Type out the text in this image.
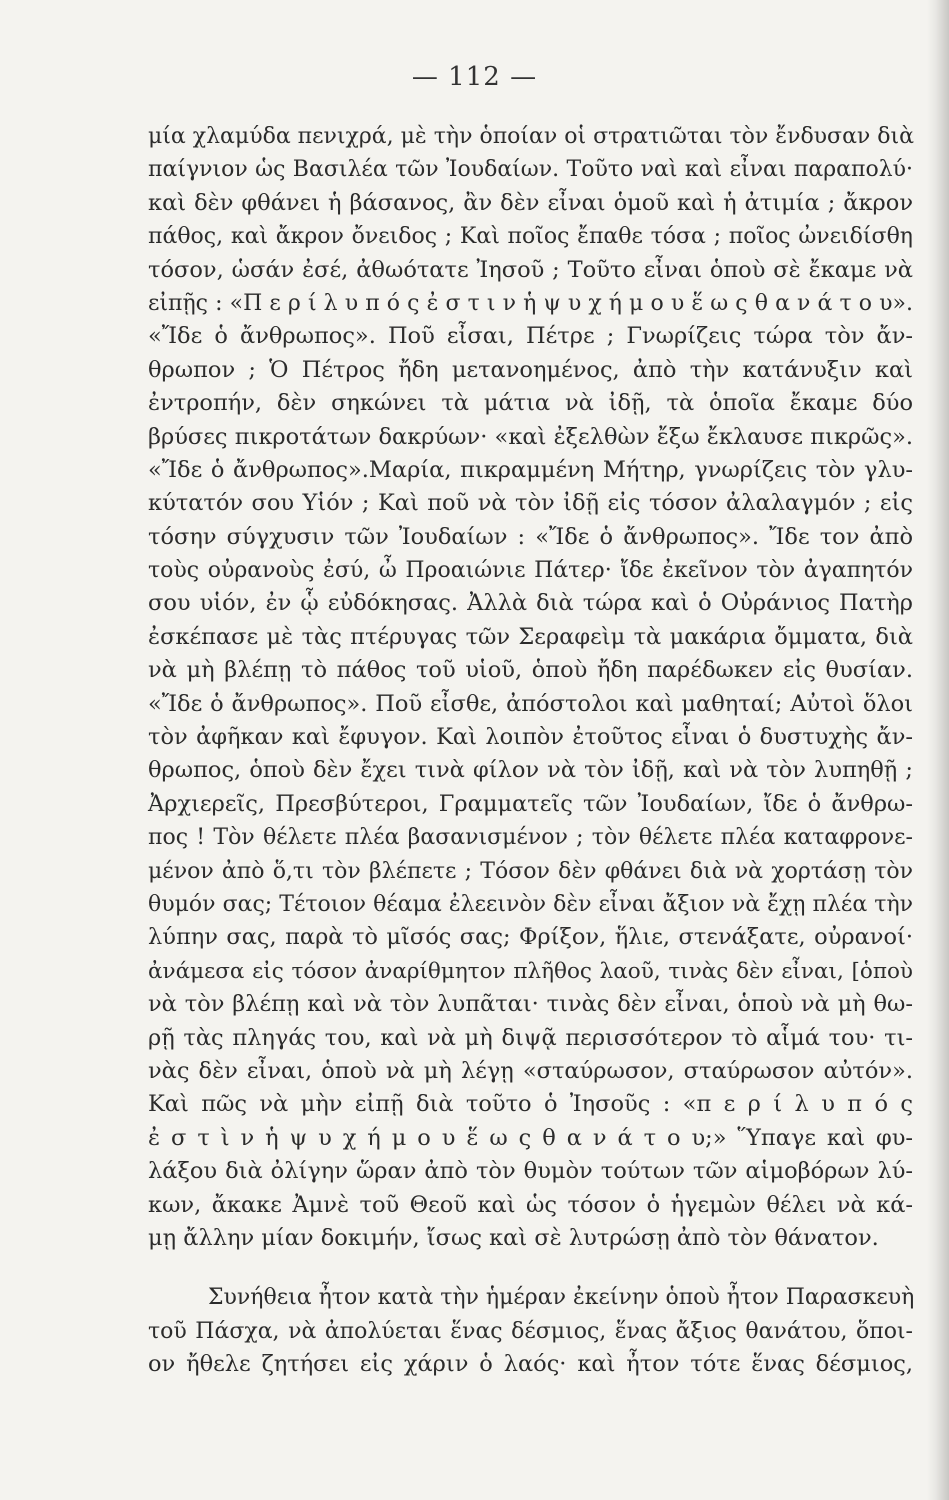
— 112 —
μία χλαμύδα πενιχρά, μὲ τὴν ὁποίαν οἱ στρατιῶται τὸν ἔνδυσαν διὰ
παίγνιον ὡς Βασιλέα τῶν Ἰουδαίων. Τοῦτο ναὶ καὶ εἶναι παραπολύ·
καὶ δὲν φθάνει ἡ βάσανος, ἂν δὲν εἶναι ὁμοῦ καὶ ἡ ἀτιμία ; ἄκρον
πάθος, καὶ ἄκρον ὄνειδος ; Καὶ ποῖος ἔπαθε τόσα ; ποῖος ὠνειδίσθη
τόσον, ὡσάν ἐσέ, ἀθωότατε Ἰησοῦ ; Τοῦτο εἶναι ὁποὺ σὲ ἔκαμε νὰ
εἰπῇς : «Π ε ρ ί λ υ π ό ς ἐ σ τ ι ν ἡ ψ υ χ ή μ ο υ ἕ ω ς θ α ν ά τ ο υ».
«Ἴδε ὁ ἄνθρωπος». Ποῦ εἶσαι, Πέτρε ; Γνωρίζεις τώρα τὸν ἄν-
θρωπον ; Ὁ Πέτρος ἤδη μετανοημένος, ἀπὸ τὴν κατάνυξιν καὶ
ἐντροπήν, δὲν σηκώνει τὰ μάτια νὰ ἰδῇ, τὰ ὁποῖα ἔκαμε δύο
βρύσες πικροτάτων δακρύων· «καὶ ἐξελθὼν ἔξω ἔκλαυσε πικρῶς».
«Ἴδε ὁ ἄνθρωπος».Μαρία, πικραμμένη Μήτηρ, γνωρίζεις τὸν γλυ-
κύτατόν σου Υἱόν ; Καὶ ποῦ νὰ τὸν ἰδῇ εἰς τόσον ἀλαλαγμόν ; εἰς
τόσην σύγχυσιν τῶν Ἰουδαίων : «Ἴδε ὁ ἄνθρωπος». Ἴδε τον ἀπὸ
τοὺς οὐρανοὺς ἐσύ, ὦ Προαιώνιε Πάτερ· ἴδε ἐκεῖνον τὸν ἀγαπητόν
σου υἱόν, ἐν ᾧ εὐδόκησας. Ἀλλὰ διὰ τώρα καὶ ὁ Οὐράνιος Πατὴρ
ἐσκέπασε μὲ τὰς πτέρυγας τῶν Σεραφεὶμ τὰ μακάρια ὄμματα, διὰ
νὰ μὴ βλέπῃ τὸ πάθος τοῦ υἱοῦ, ὁποὺ ἤδη παρέδωκεν εἰς θυσίαν.
«Ἴδε ὁ ἄνθρωπος». Ποῦ εἶσθε, ἀπόστολοι καὶ μαθηταί; Αὐτοὶ ὅλοι
τὸν ἀφῆκαν καὶ ἔφυγον. Καὶ λοιπὸν ἐτοῦτος εἶναι ὁ δυστυχὴς ἄν-
θρωπος, ὁποὺ δὲν ἔχει τινὰ φίλον νὰ τὸν ἰδῇ, καὶ νὰ τὸν λυπηθῇ ;
Ἀρχιερεῖς, Πρεσβύτεροι, Γραμματεῖς τῶν Ἰουδαίων, ἴδε ὁ ἄνθρω-
πος ! Τὸν θέλετε πλέα βασανισμένον ; τὸν θέλετε πλέα καταφρονε-
μένον ἀπὸ ὅ,τι τὸν βλέπετε ; Τόσον δὲν φθάνει διὰ νὰ χορτάσῃ τὸν
θυμόν σας; Τέτοιον θέαμα ἐλεεινὸν δὲν εἶναι ἄξιον νὰ ἔχῃ πλέα τὴν
λύπην σας, παρὰ τὸ μῖσός σας; Φρίξον, ἥλιε, στενάξατε, οὐρανοί·
ἀνάμεσα εἰς τόσον ἀναρίθμητον πλῆθος λαοῦ, τινὰς δὲν εἶναι, [ὁποὺ
νὰ τὸν βλέπῃ καὶ νὰ τὸν λυπᾶται· τινὰς δὲν εἶναι, ὁποὺ νὰ μὴ θω-
ρῇ τὰς πληγάς του, καὶ νὰ μὴ διψᾷ περισσότερον τὸ αἷμά του· τι-
νὰς δὲν εἶναι, ὁποὺ νὰ μὴ λέγῃ «σταύρωσον, σταύρωσον αὐτόν».
Καὶ πῶς νὰ μὴν εἰπῇ διὰ τοῦτο ὁ Ἰησοῦς : «π ε ρ ί λ υ π ό ς
ἐ σ τ ὶ ν ἡ ψ υ χ ή μ ο υ ἕ ω ς θ α ν ά τ ο υ;» Ὕπαγε καὶ φυ-
λάξου διὰ ὀλίγην ὥραν ἀπὸ τὸν θυμὸν τούτων τῶν αἱμοβόρων λύ-
κων, ἄκακε Ἀμνὲ τοῦ Θεοῦ καὶ ὡς τόσον ὁ ἡγεμὼν θέλει νὰ κά-
μῃ ἄλλην μίαν δοκιμήν, ἴσως καὶ σὲ λυτρώσῃ ἀπὸ τὸν θάνατον.
Συνήθεια ἦτον κατὰ τὴν ἡμέραν ἐκείνην ὁποὺ ἦτον Παρασκευὴ
τοῦ Πάσχα, νὰ ἀπολύεται ἕνας δέσμιος, ἕνας ἄξιος θανάτου, ὅποι-
ον ἤθελε ζητήσει εἰς χάριν ὁ λαός· καὶ ἦτον τότε ἕνας δέσμιος,
